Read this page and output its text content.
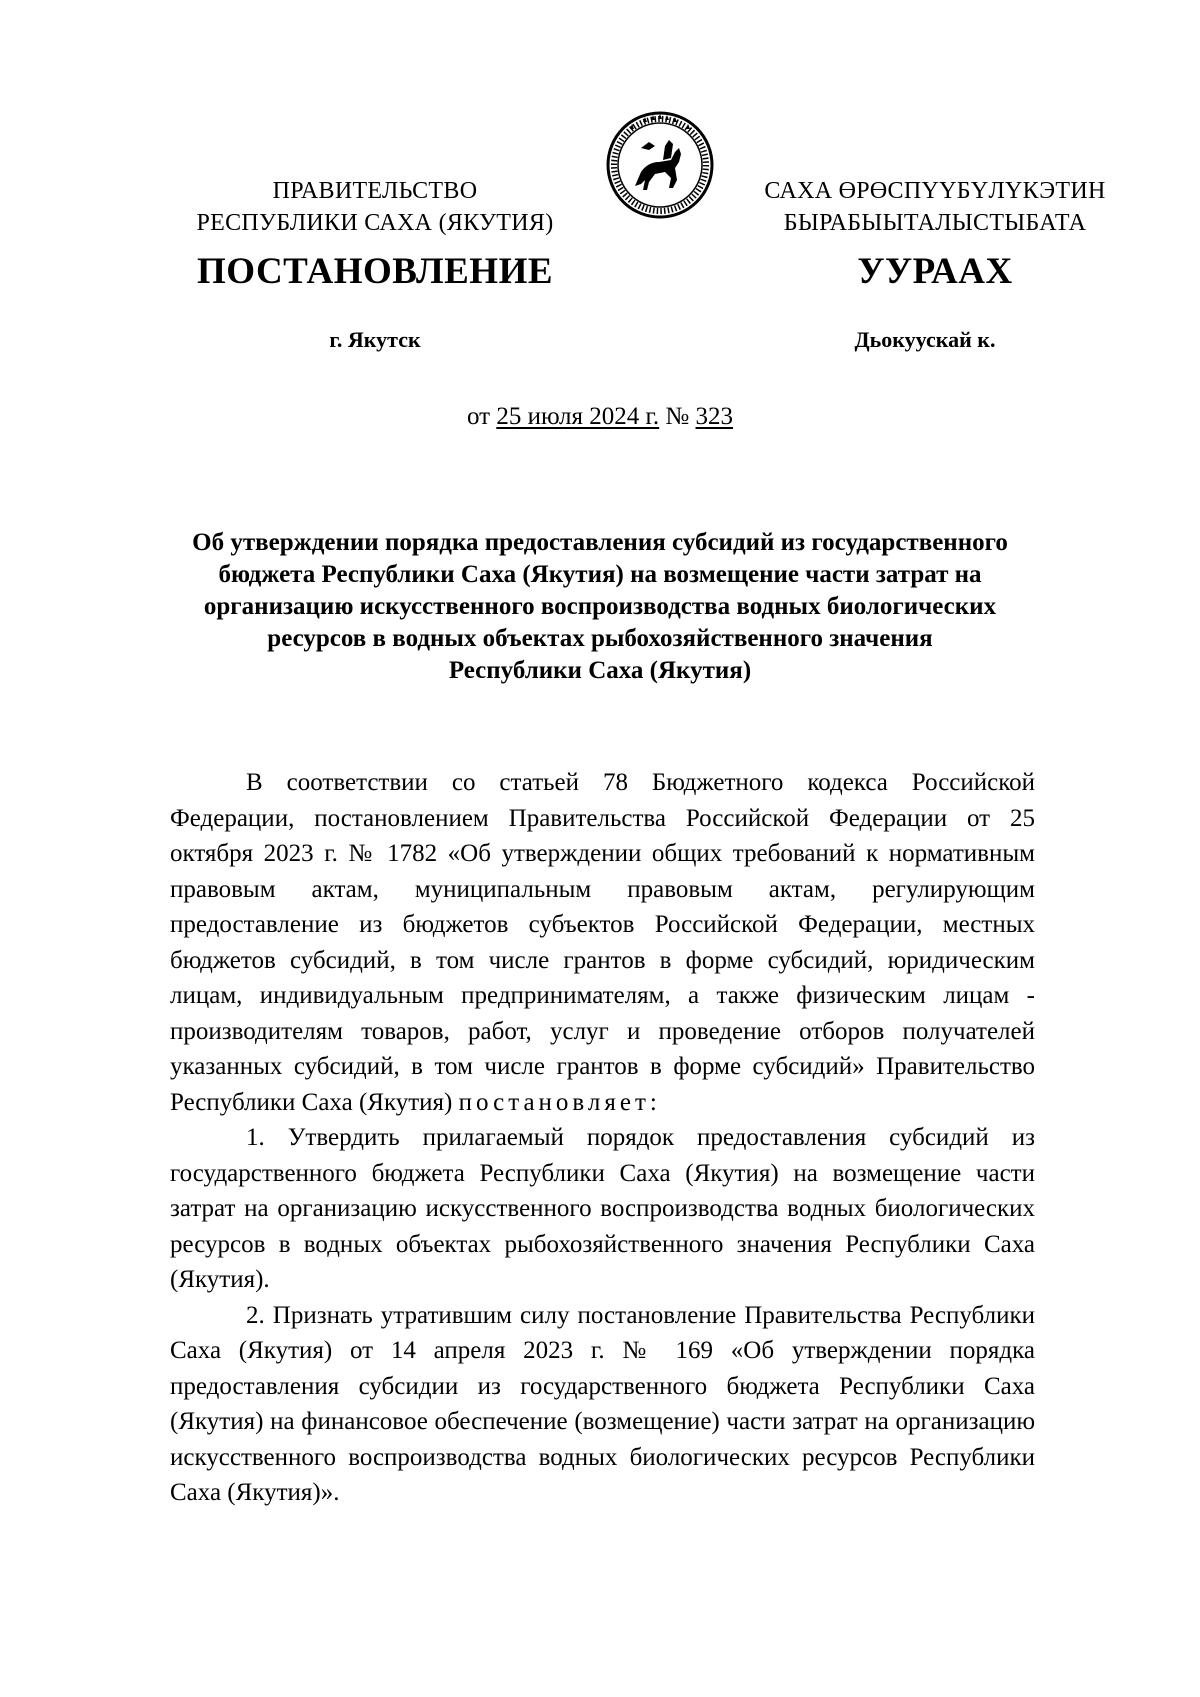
ПРАВИТЕЛЬСТВО
РЕСПУБЛИКИ САХА (ЯКУТИЯ)
САХА ӨРӨСПҮҮБҮЛҮКЭТИН
БЫРАБЫЫТАЛЫСТЫБАТА
ПОСТАНОВЛЕНИЕ	УУРААХ
г. Якутск	Дьокуускай к.
от 25 июля 2024 г. № 323
Об утверждении порядка предоставления субсидий из государственного
бюджета Республики Саха (Якутия) на возмещение части затрат на
организацию искусственного воспроизводства водных биологических
ресурсов в водных объектах рыбохозяйственного значения
Республики Саха (Якутия)

В соответствии со статьей 78 Бюджетного кодекса Российской Федерации, постановлением Правительства Российской Федерации от 25 октября 2023 г. № 1782 «Об утверждении общих требований к нормативным правовым актам, муниципальным правовым актам, регулирующим предоставление из бюджетов субъектов Российской Федерации, местных бюджетов субсидий, в том числе грантов в форме субсидий, юридическим лицам, индивидуальным предпринимателям, а также физическим лицам - производителям товаров, работ, услуг и проведение отборов получателей указанных субсидий, в том числе грантов в форме субсидий» Правительство Республики Саха (Якутия) постановляет:

1. Утвердить прилагаемый порядок предоставления субсидий из государственного бюджета Республики Саха (Якутия) на возмещение части затрат на организацию искусственного воспроизводства водных биологических ресурсов в водных объектах рыбохозяйственного значения Республики Саха (Якутия).

2. Признать утратившим силу постановление Правительства Республики Саха (Якутия) от 14 апреля 2023 г. № 169 «Об утверждении порядка предоставления субсидии из государственного бюджета Республики Саха (Якутия) на финансовое обеспечение (возмещение) части затрат на организацию искусственного воспроизводства водных биологических ресурсов Республики Саха (Якутия)».
